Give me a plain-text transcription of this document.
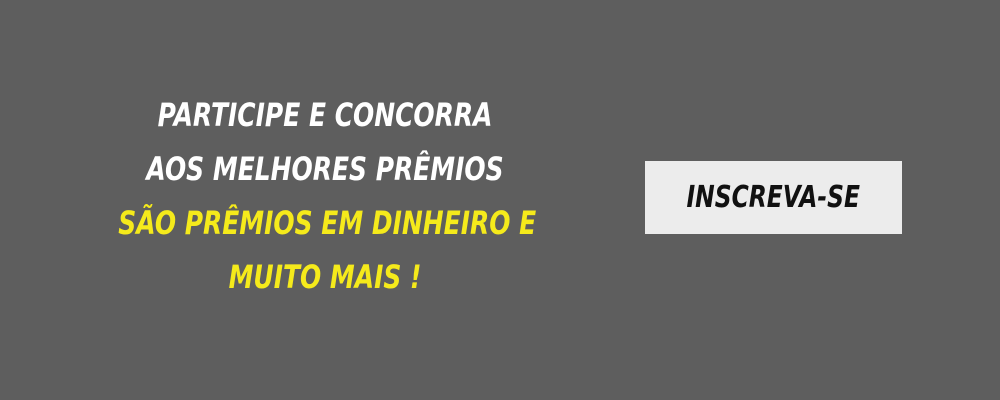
PARTICIPE E CONCORRA
AOS MELHORES PRÊMIOS
SÃO PRÊMIOS EM DINHEIRO E
MUITO MAIS !
INSCREVA-SE
